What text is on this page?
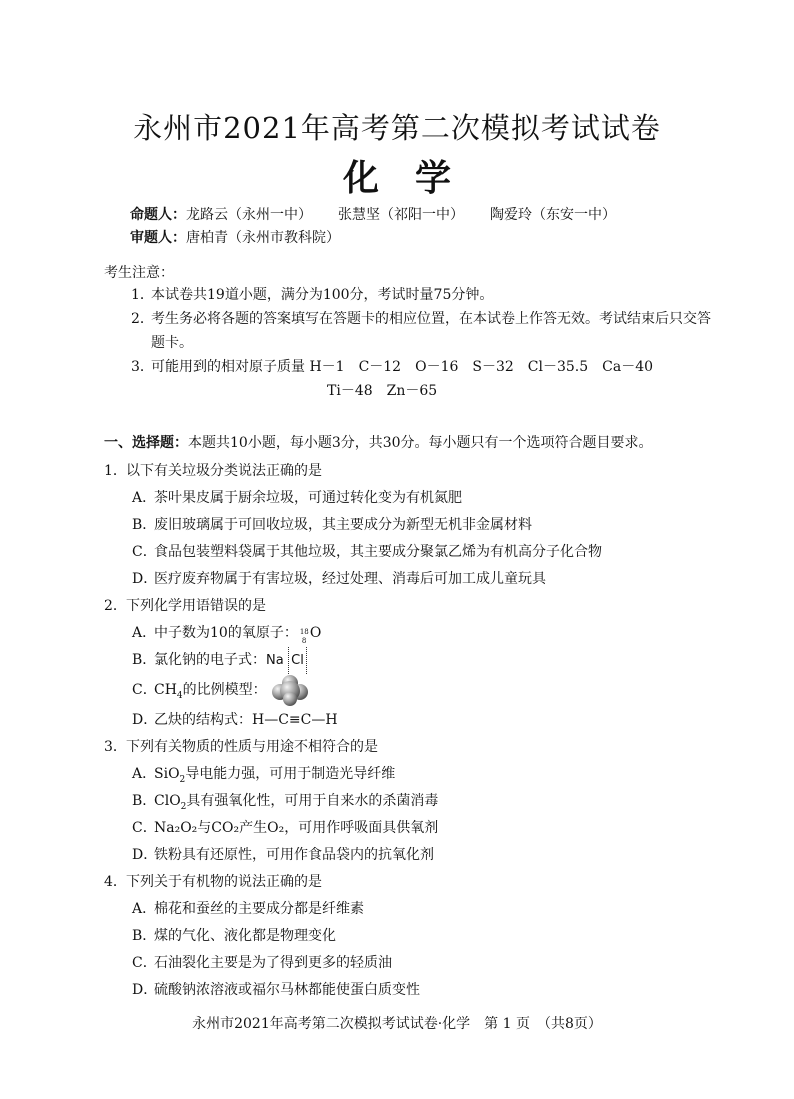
永州市2021年高考第二次模拟考试试卷
化学
命题人：龙路云（永州一中） 张慧坚（祁阳一中） 陶爱玲（东安一中）
审题人：唐柏青（永州市教科院）
考生注意：
1．
本试卷共19道小题，满分为100分，考试时量75分钟。
2．
考生务必将各题的答案填写在答题卡的相应位置，在本试卷上作答无效。考试结束后只交答题卡。
3．
可能用到的相对原子质量 H－1　C－12　O－16　S－32　Cl－35.5　Ca－40
Ti－48　Zn－65
一、选择题：本题共10小题，每小题3分，共30分。每小题只有一个选项符合题目要求。
1．以下有关垃圾分类说法正确的是
A．茶叶果皮属于厨余垃圾，可通过转化变为有机氮肥
B．废旧玻璃属于可回收垃圾，其主要成分为新型无机非金属材料
C．食品包装塑料袋属于其他垃圾，其主要成分聚氯乙烯为有机高分子化合物
D．医疗废弃物属于有害垃圾，经过处理、消毒后可加工成儿童玩具
2．下列化学用语错误的是
A．中子数为10的氧原子： 18
8 O
B．氯化钠的电子式：Na Cl
C．$CH_4$的比例模型：
D．乙炔的结构式：H—C≡C—H
3．下列有关物质的性质与用途不相符合的是
A．SiO$_2$导电能力强，可用于制造光导纤维
B．ClO$_2$具有强氧化性，可用于自来水的杀菌消毒
C．Na₂O₂与CO₂产生O₂，可用作呼吸面具供氧剂
D．铁粉具有还原性，可用作食品袋内的抗氧化剂
4．下列关于有机物的说法正确的是
A．棉花和蚕丝的主要成分都是纤维素
B．煤的气化、液化都是物理变化
C．石油裂化主要是为了得到更多的轻质油
D．硫酸钠浓溶液或福尔马林都能使蛋白质变性
永州市2021年高考第二次模拟考试试卷·化学　第 1 页　（共8页）
